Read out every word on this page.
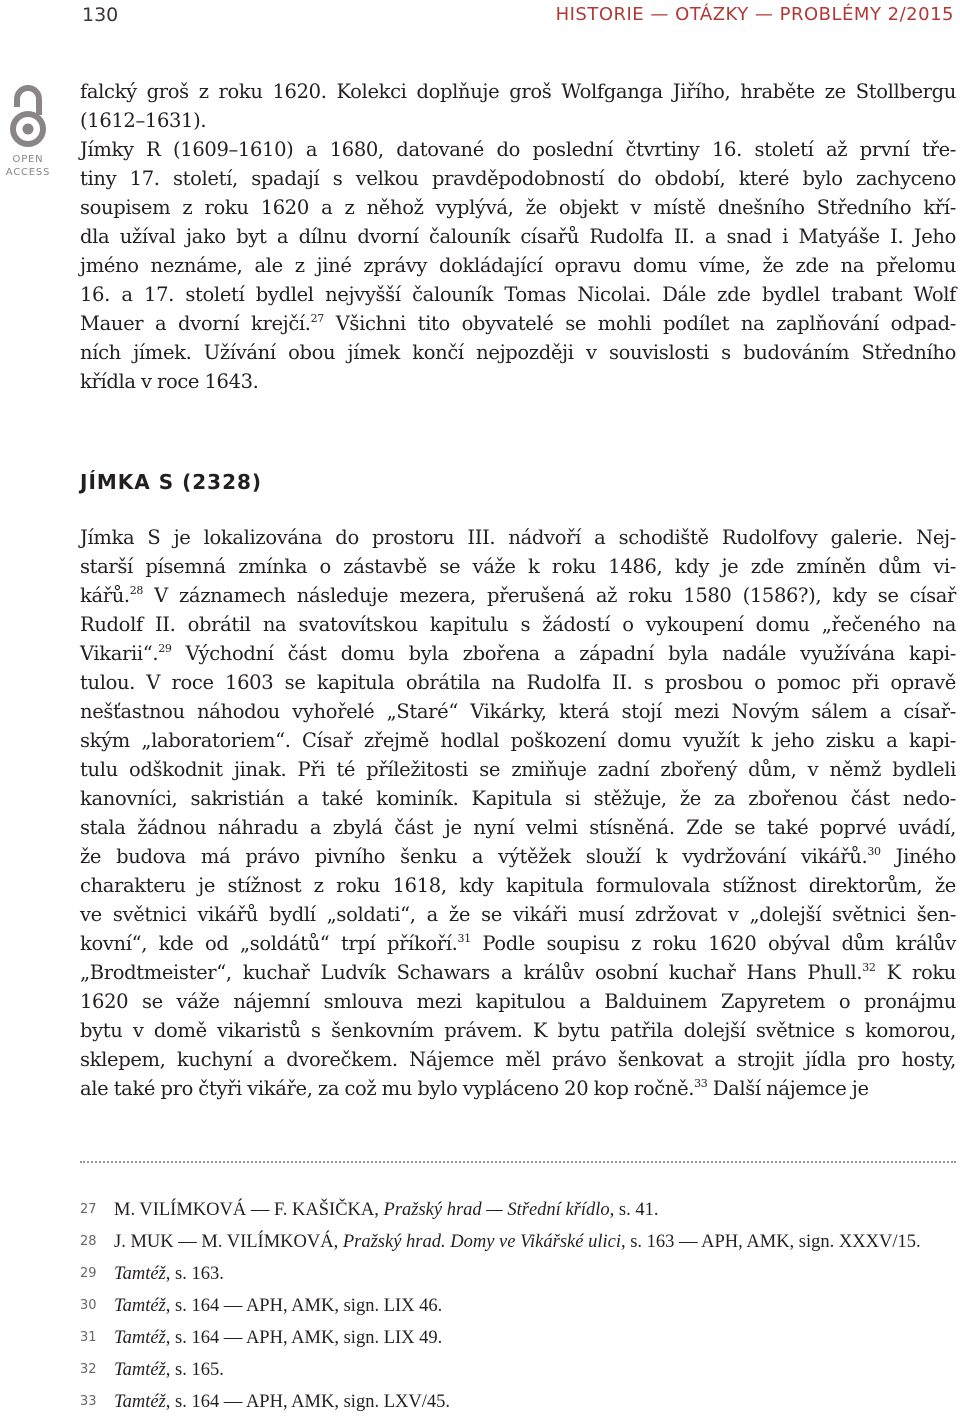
130	HISTORIE — OTÁZKY — PROBLÉMY 2/2015
OPEN
ACCESS
falcký groš z roku 1620. Kolekci doplňuje groš Wolfganga Jiřího, hraběte ze Stollbergu
(1612–1631).
Jímky R (1609–1610) a 1680, datované do poslední čtvrtiny 16. století až první tře-
tiny 17. století, spadají s velkou pravděpodobností do období, které bylo zachyceno
soupisem z roku 1620 a z něhož vyplývá, že objekt v místě dnešního Středního kří-
dla užíval jako byt a dílnu dvorní čalouník císařů Rudolfa II. a snad i Matyáše I. Jeho
jméno neznáme, ale z jiné zprávy dokládající opravu domu víme, že zde na přelomu
16. a 17. století bydlel nejvyšší čalouník Tomas Nicolai. Dále zde bydlel trabant Wolf
Mauer a dvorní krejčí.$^{27}$ Všichni tito obyvatelé se mohli podílet na zaplňování odpad-
ních jímek. Užívání obou jímek končí nejpozději v souvislosti s budováním Středního
křídla v roce 1643.
JÍMKA S (2328)
Jímka S je lokalizována do prostoru III. nádvoří a schodiště Rudolfovy galerie. Nej-
starší písemná zmínka o zástavbě se váže k roku 1486, kdy je zde zmíněn dům vi-
kářů.$^{28}$ V záznamech následuje mezera, přerušená až roku 1580 (1586?), kdy se císař
Rudolf II. obrátil na svatovítskou kapitulu s žádostí o vykoupení domu „řečeného na
Vikarii“.$^{29}$ Východní část domu byla zbořena a západní byla nadále využívána kapi-
tulou. V roce 1603 se kapitula obrátila na Rudolfa II. s prosbou o pomoc při opravě
nešťastnou náhodou vyhořelé „Staré“ Vikárky, která stojí mezi Novým sálem a císař-
ským „laboratoriem“. Císař zřejmě hodlal poškození domu využít k jeho zisku a kapi-
tulu odškodnit jinak. Při té příležitosti se zmiňuje zadní zbořený dům, v němž bydleli
kanovníci, sakristián a také kominík. Kapitula si stěžuje, že za zbořenou část nedo-
stala žádnou náhradu a zbylá část je nyní velmi stísněná. Zde se také poprvé uvádí,
že budova má právo pivního šenku a výtěžek slouží k vydržování vikářů.$^{30}$ Jiného
charakteru je stížnost z roku 1618, kdy kapitula formulovala stížnost direktorům, že
ve světnici vikářů bydlí „soldati“, a že se vikáři musí zdržovat v „dolejší světnici šen-
kovní“, kde od „soldátů“ trpí příkoří.$^{31}$ Podle soupisu z roku 1620 obýval dům králův
„Brodtmeister“, kuchař Ludvík Schawars a králův osobní kuchař Hans Phull.$^{32}$ K roku
1620 se váže nájemní smlouva mezi kapitulou a Balduinem Zapyretem o pronájmu
bytu v domě vikaristů s šenkovním právem. K bytu patřila dolejší světnice s komorou,
sklepem, kuchyní a dvorečkem. Nájemce měl právo šenkovat a strojit jídla pro hosty,
ale také pro čtyři vikáře, za což mu bylo vypláceno 20 kop ročně.$^{33}$ Další nájemce je
27 M. VILÍMKOVÁ — F. KAŠIČKA, Pražský hrad — Střední křídlo, s. 41.
28 J. MUK — M. VILÍMKOVÁ, Pražský hrad. Domy ve Vikářské ulici, s. 163 — APH, AMK, sign. XXXV/15.
29 Tamtéž, s. 163.
30 Tamtéž, s. 164 — APH, AMK, sign. LIX 46.
31 Tamtéž, s. 164 — APH, AMK, sign. LIX 49.
32 Tamtéž, s. 165.
33 Tamtéž, s. 164 — APH, AMK, sign. LXV/45.
